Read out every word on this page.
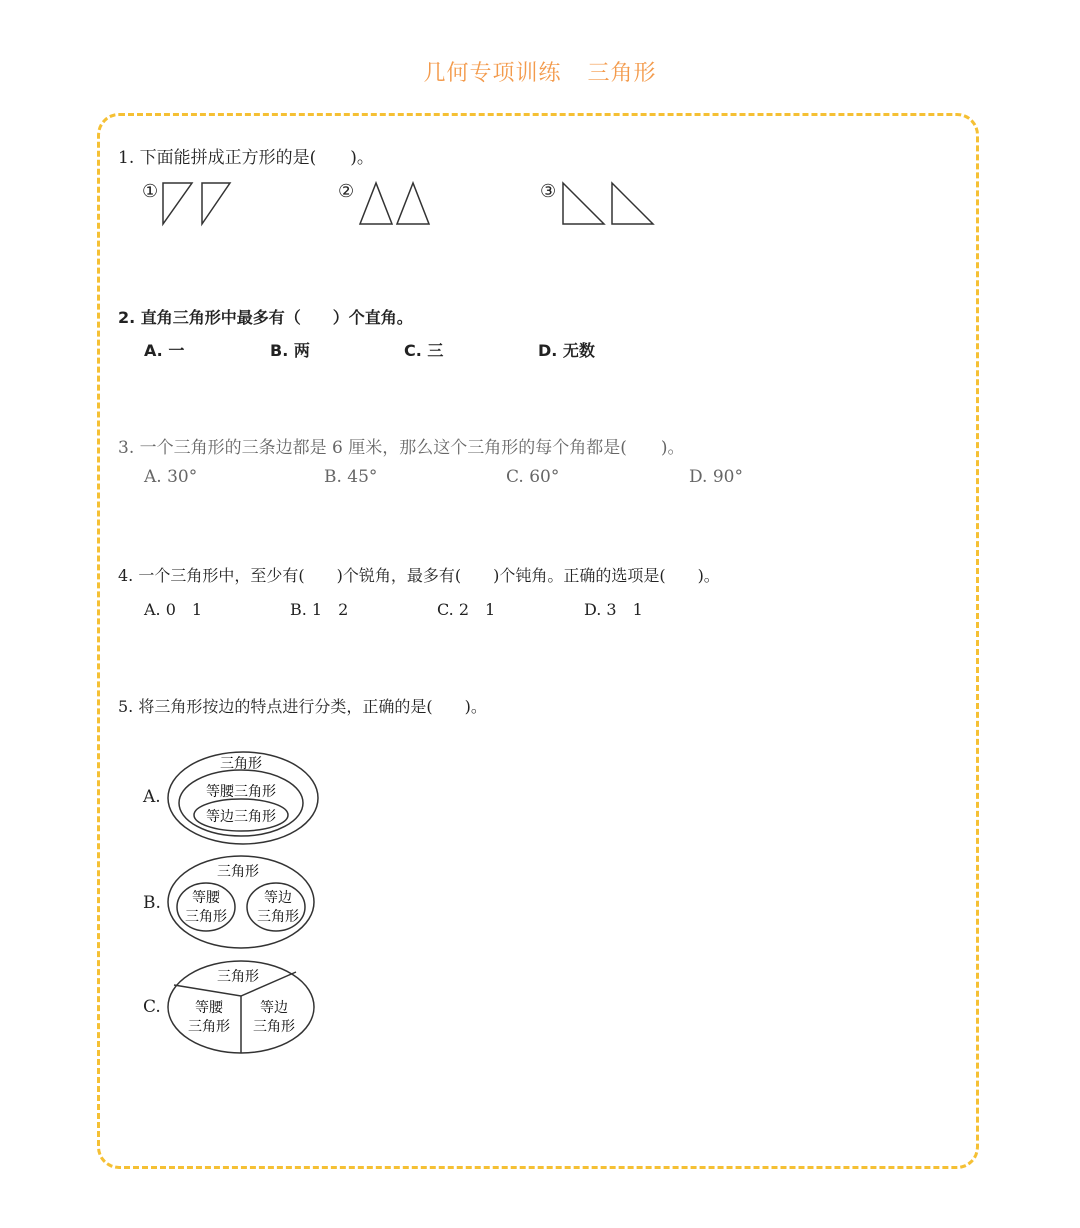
几何专项训练 三角形
1. 下面能拼成正方形的是(　　)。
①	②	③
2. 直角三角形中最多有（　　）个直角。
A. 一	B. 两	C. 三	D. 无数
3. 一个三角形的三条边都是 6 厘米，那么这个三角形的每个角都是(　　)。
A. 30°	B. 45°	C. 60°	D. 90°
4. 一个三角形中，至少有(　　)个锐角，最多有(　　)个钝角。正确的选项是(　　)。
A. 0　1	B. 1　2	C. 2　1	D. 3　1
5. 将三角形按边的特点进行分类，正确的是(　　)。
A.
三角形
等腰三角形
等边三角形
B.
三角形
等腰
三角形
等边
三角形
C.
三角形
等腰
三角形
等边
三角形
